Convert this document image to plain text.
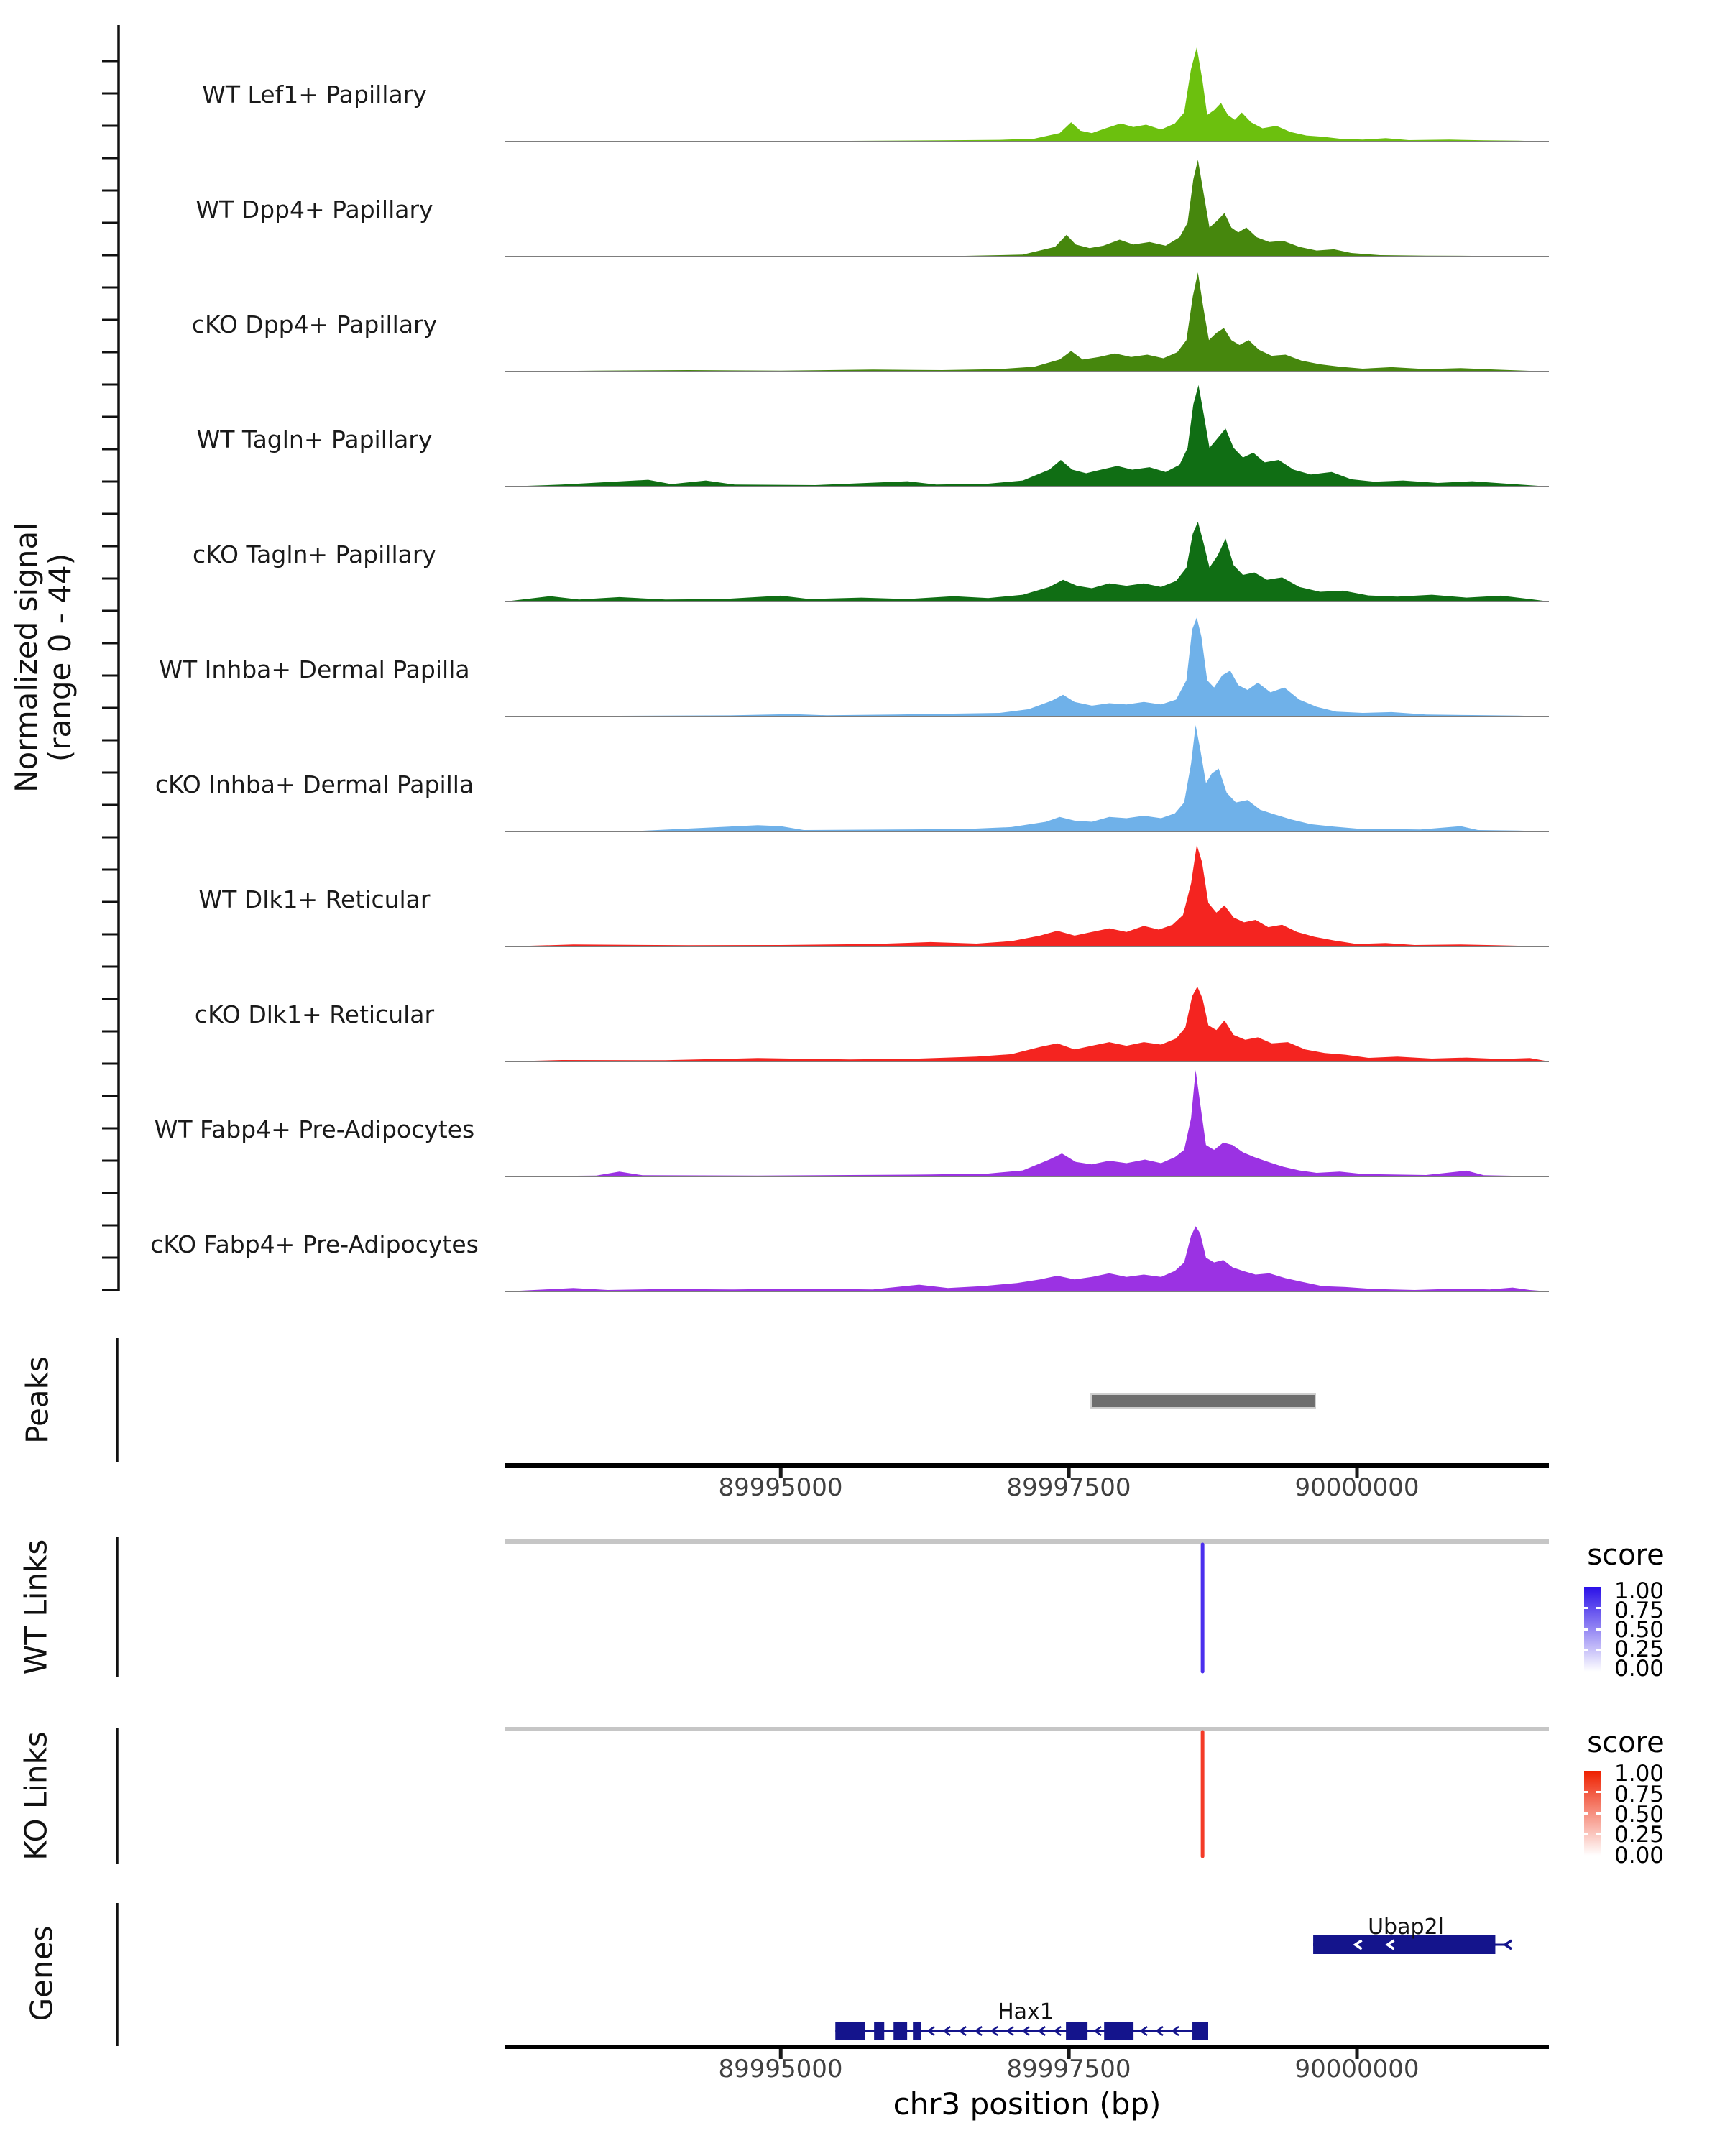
Normalized signal
(range 0 - 44)
WT Lef1+ Papillary
WT Dpp4+ Papillary
cKO Dpp4+ Papillary
WT Tagln+ Papillary
cKO Tagln+ Papillary
WT Inhba+ Dermal Papilla
cKO Inhba+ Dermal Papilla
WT Dlk1+ Reticular
cKO Dlk1+ Reticular
WT Fabp4+ Pre-Adipocytes
cKO Fabp4+ Pre-Adipocytes
Peaks
WT Links
KO Links
Genes
89995000	89997500	90000000
score
1.00
0.75
0.50
0.25
0.00
score
1.00
0.75
0.50
0.25
0.00
Ubap2l
Hax1
89995000	89997500	90000000
chr3 position (bp)
